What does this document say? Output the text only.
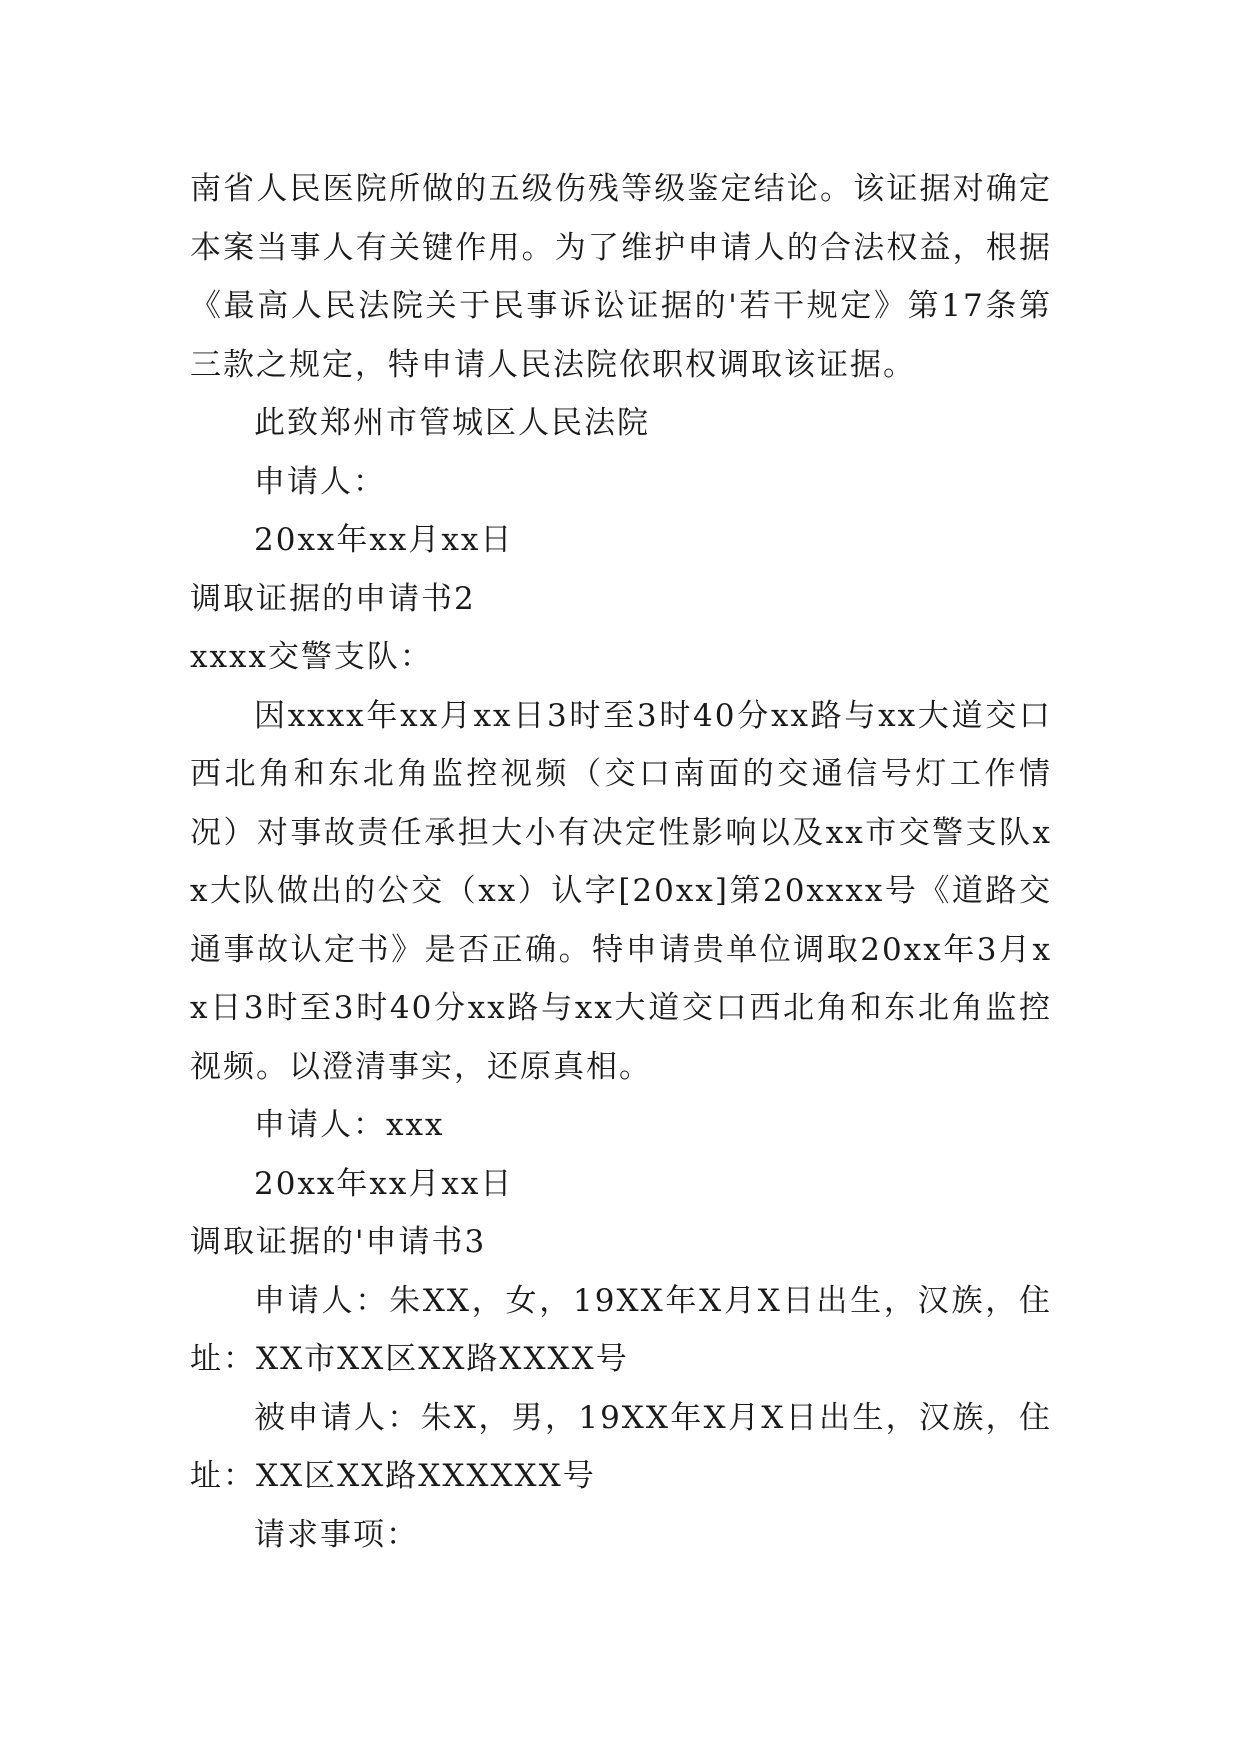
南省人民医院所做的五级伤残等级鉴定结论。该证据对确定本案当事人有关键作用。为了维护申请人的合法权益，根据《最高人民法院关于民事诉讼证据的'若干规定》第17条第三款之规定，特申请人民法院依职权调取该证据。

此致郑州市管城区人民法院

申请人：

20xx年xx月xx日

调取证据的申请书2

xxxx交警支队：

因xxxx年xx月xx日3时至3时40分xx路与xx大道交口西北角和东北角监控视频（交口南面的交通信号灯工作情况）对事故责任承担大小有决定性影响以及xx市交警支队xx大队做出的公交（xx）认字[20xx]第20xxxx号《道路交通事故认定书》是否正确。特申请贵单位调取20xx年3月xx日3时至3时40分xx路与xx大道交口西北角和东北角监控视频。以澄清事实，还原真相。

申请人：xxx

20xx年xx月xx日

调取证据的'申请书3

申请人：朱XX，女，19XX年X月X日出生，汉族，住址：XX市XX区XX路XXXX号

被申请人：朱X，男，19XX年X月X日出生，汉族，住址：XX区XX路XXXXXX号

请求事项：
